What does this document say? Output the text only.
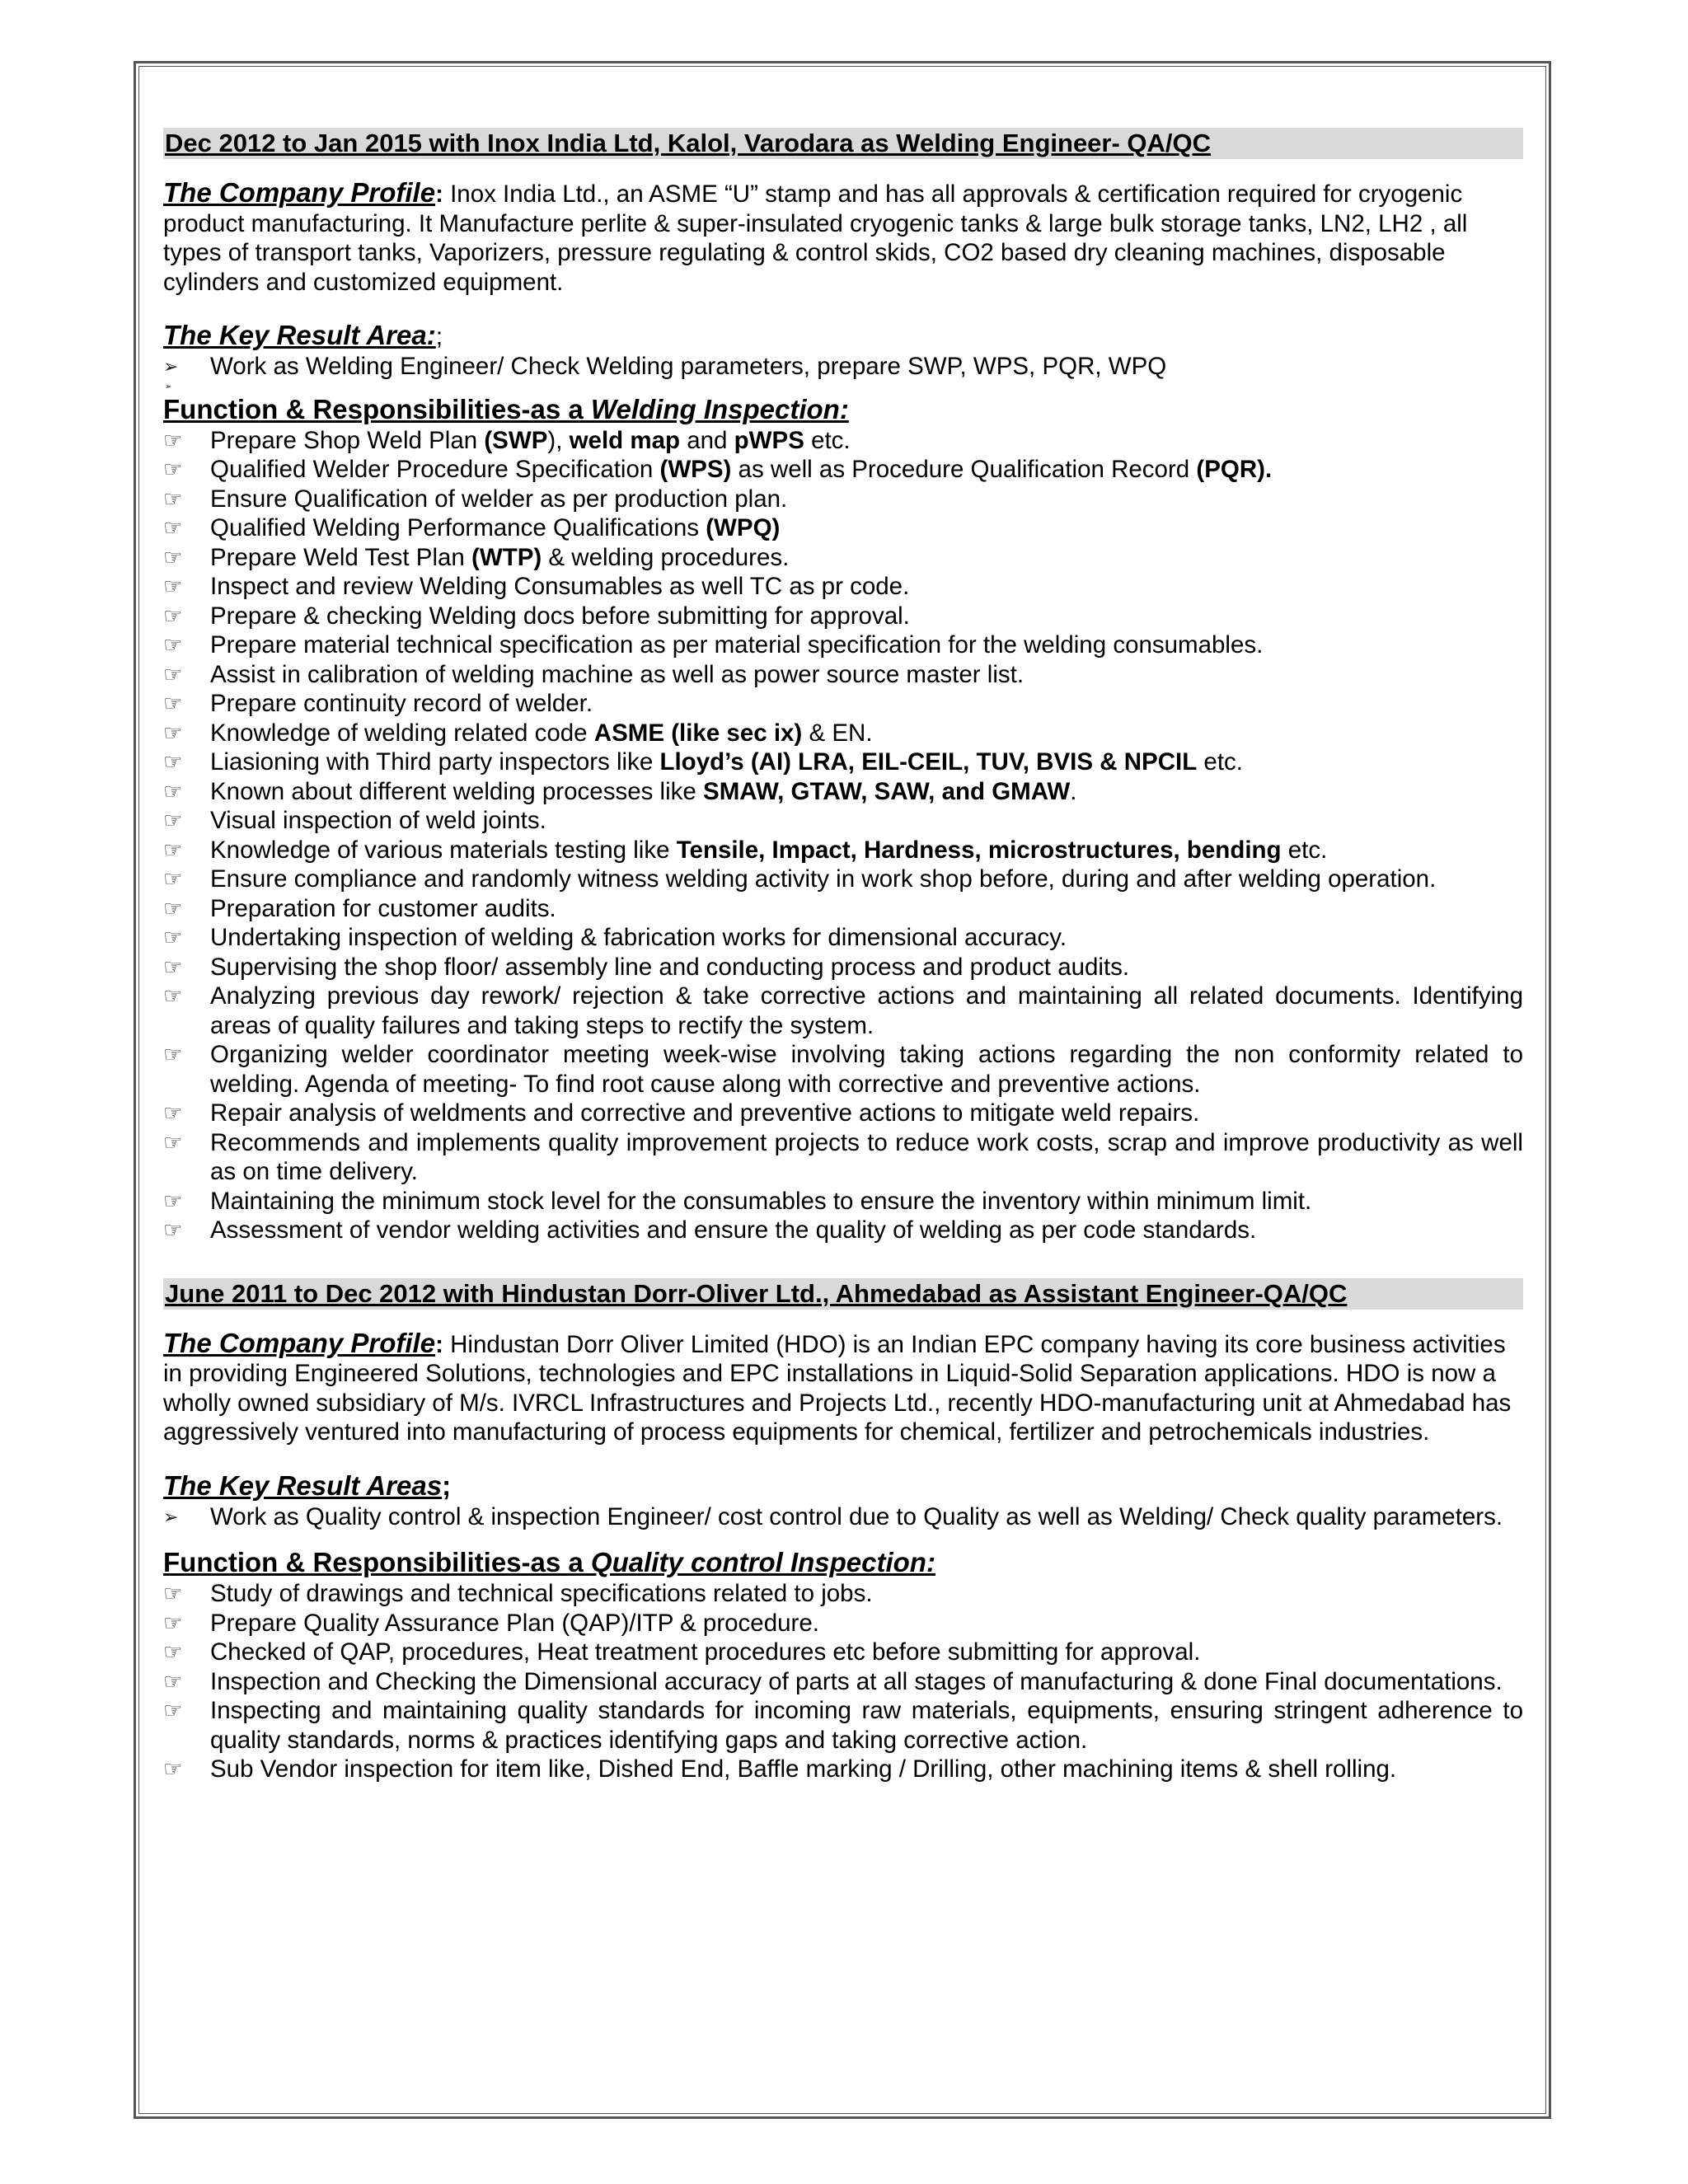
Dec 2012 to Jan 2015 with Inox India Ltd, Kalol, Varodara as Welding Engineer- QA/QC

The Company Profile: Inox India Ltd., an ASME “U” stamp and has all approvals & certification required for cryogenic product manufacturing. It Manufacture perlite & super-insulated cryogenic tanks & large bulk storage tanks, LN2, LH2 , all types of transport tanks, Vaporizers, pressure regulating & control skids, CO2 based dry cleaning machines, disposable cylinders and customized equipment.

The Key Result Area:;
➢	Work as Welding Engineer/ Check Welding parameters, prepare SWP, WPS, PQR, WPQ
➢
Function & Responsibilities-as a Welding Inspection:
☞	Prepare Shop Weld Plan (SWP), weld map and pWPS etc.
☞	Qualified Welder Procedure Specification (WPS) as well as Procedure Qualification Record (PQR).
☞	Ensure Qualification of welder as per production plan.
☞	Qualified Welding Performance Qualifications (WPQ)
☞	Prepare Weld Test Plan (WTP) & welding procedures.
☞	Inspect and review Welding Consumables as well TC as pr code.
☞	Prepare & checking Welding docs before submitting for approval.
☞	Prepare material technical specification as per material specification for the welding consumables.
☞	Assist in calibration of welding machine as well as power source master list.
☞	Prepare continuity record of welder.
☞	Knowledge of welding related code ASME (like sec ix) & EN.
☞	Liasioning with Third party inspectors like Lloyd’s (AI) LRA, EIL-CEIL, TUV, BVIS & NPCIL etc.
☞	Known about different welding processes like SMAW, GTAW, SAW, and GMAW.
☞	Visual inspection of weld joints.
☞	Knowledge of various materials testing like Tensile, Impact, Hardness, microstructures, bending etc.
☞	Ensure compliance and randomly witness welding activity in work shop before, during and after welding operation.
☞	Preparation for customer audits.
☞	Undertaking inspection of welding & fabrication works for dimensional accuracy.
☞	Supervising the shop floor/ assembly line and conducting process and product audits.
☞	Analyzing previous day rework/ rejection & take corrective actions and maintaining all related documents. Identifying areas of quality failures and taking steps to rectify the system.
☞	Organizing welder coordinator meeting week-wise involving taking actions regarding the non conformity related to welding. Agenda of meeting- To find root cause along with corrective and preventive actions.
☞	Repair analysis of weldments and corrective and preventive actions to mitigate weld repairs.
☞	Recommends and implements quality improvement projects to reduce work costs, scrap and improve productivity as well as on time delivery.
☞	Maintaining the minimum stock level for the consumables to ensure the inventory within minimum limit.
☞	Assessment of vendor welding activities and ensure the quality of welding as per code standards.
June 2011 to Dec 2012 with Hindustan Dorr-Oliver Ltd., Ahmedabad as Assistant Engineer-QA/QC

The Company Profile: Hindustan Dorr Oliver Limited (HDO) is an Indian EPC company having its core business activities in providing Engineered Solutions, technologies and EPC installations in Liquid-Solid Separation applications. HDO is now a wholly owned subsidiary of M/s. IVRCL Infrastructures and Projects Ltd., recently HDO-manufacturing unit at Ahmedabad has aggressively ventured into manufacturing of process equipments for chemical, fertilizer and petrochemicals industries.

The Key Result Areas;
➢	Work as Quality control & inspection Engineer/ cost control due to Quality as well as Welding/ Check quality parameters.
Function & Responsibilities-as a Quality control Inspection:
☞	Study of drawings and technical specifications related to jobs.
☞	Prepare Quality Assurance Plan (QAP)/ITP & procedure.
☞	Checked of QAP, procedures, Heat treatment procedures etc before submitting for approval.
☞	Inspection and Checking the Dimensional accuracy of parts at all stages of manufacturing & done Final documentations.
☞	Inspecting and maintaining quality standards for incoming raw materials, equipments, ensuring stringent adherence to quality standards, norms & practices identifying gaps and taking corrective action.
☞	Sub Vendor inspection for item like, Dished End, Baffle marking / Drilling, other machining items & shell rolling.
